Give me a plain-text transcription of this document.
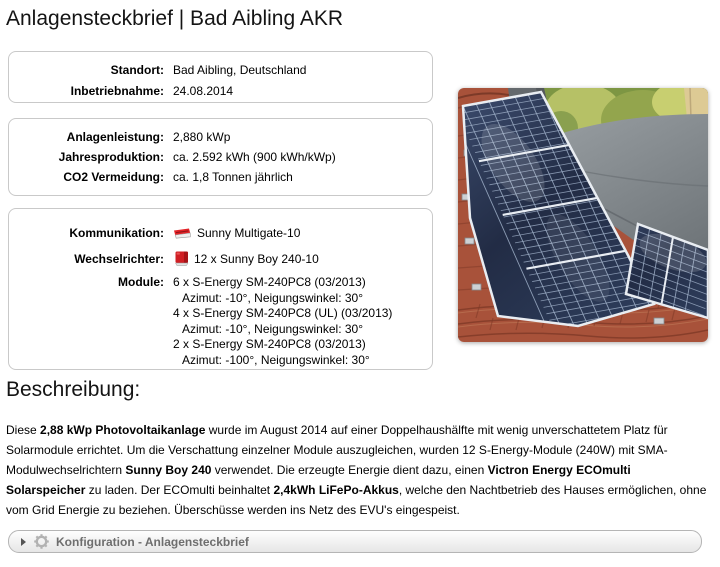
Anlagensteckbrief | Bad Aibling AKR
Standort: Bad Aibling, Deutschland
Inbetriebnahme: 24.08.2014
Anlagenleistung: 2,880 kWp
Jahresproduktion: ca. 2.592 kWh (900 kWh/kWp)
CO2 Vermeidung: ca. 1,8 Tonnen jährlich
Kommunikation:	Sunny Multigate-10
Wechselrichter:	12 x Sunny Boy 240-10
Module: 6 x S-Energy SM-240PC8 (03/2013)
Azimut: -10°, Neigungswinkel: 30°
4 x S-Energy SM-240PC8 (UL) (03/2013)
Azimut: -10°, Neigungswinkel: 30°
2 x S-Energy SM-240PC8 (03/2013)
Azimut: -100°, Neigungswinkel: 30°
Beschreibung:

Diese 2,88 kWp Photovoltaikanlage wurde im August 2014 auf einer Doppelhaushälfte mit wenig unverschattetem Platz für Solarmodule errichtet. Um die Verschattung einzelner Module auszugleichen, wurden 12 S-Energy-Module (240W) mit SMA-Modulwechselrichtern Sunny Boy 240 verwendet. Die erzeugte Energie dient dazu, einen Victron Energy ECOmulti Solarspeicher zu laden. Der ECOmulti beinhaltet 2,4kWh LiFePo-Akkus, welche den Nachtbetrieb des Hauses ermöglichen, ohne vom Grid Energie zu beziehen. Überschüsse werden ins Netz des EVU's eingespeist.

Konfiguration - Anlagensteckbrief
